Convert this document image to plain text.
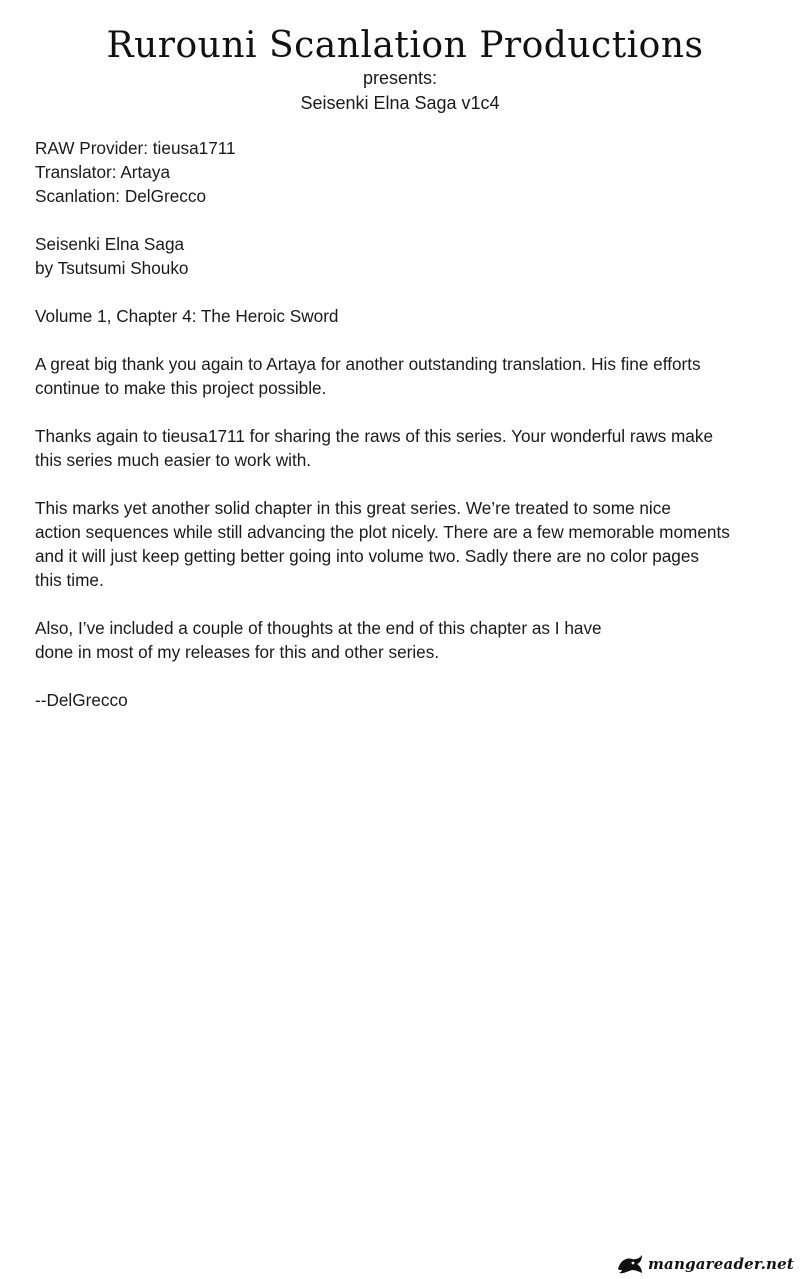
Rurouni Scanlation Productions
presents:
Seisenki Elna Saga v1c4
RAW Provider: tieusa1711
Translator: Artaya
Scanlation: DelGrecco
Seisenki Elna Saga
by Tsutsumi Shouko
Volume 1, Chapter 4: The Heroic Sword
A great big thank you again to Artaya for another outstanding translation. His fine efforts
continue to make this project possible.
Thanks again to tieusa1711 for sharing the raws of this series. Your wonderful raws make
this series much easier to work with.
This marks yet another solid chapter in this great series. We’re treated to some nice
action sequences while still advancing the plot nicely. There are a few memorable moments
and it will just keep getting better going into volume two. Sadly there are no color pages
this time.
Also, I’ve included a couple of thoughts at the end of this chapter as I have
done in most of my releases for this and other series.
--DelGrecco
mangareader.net
